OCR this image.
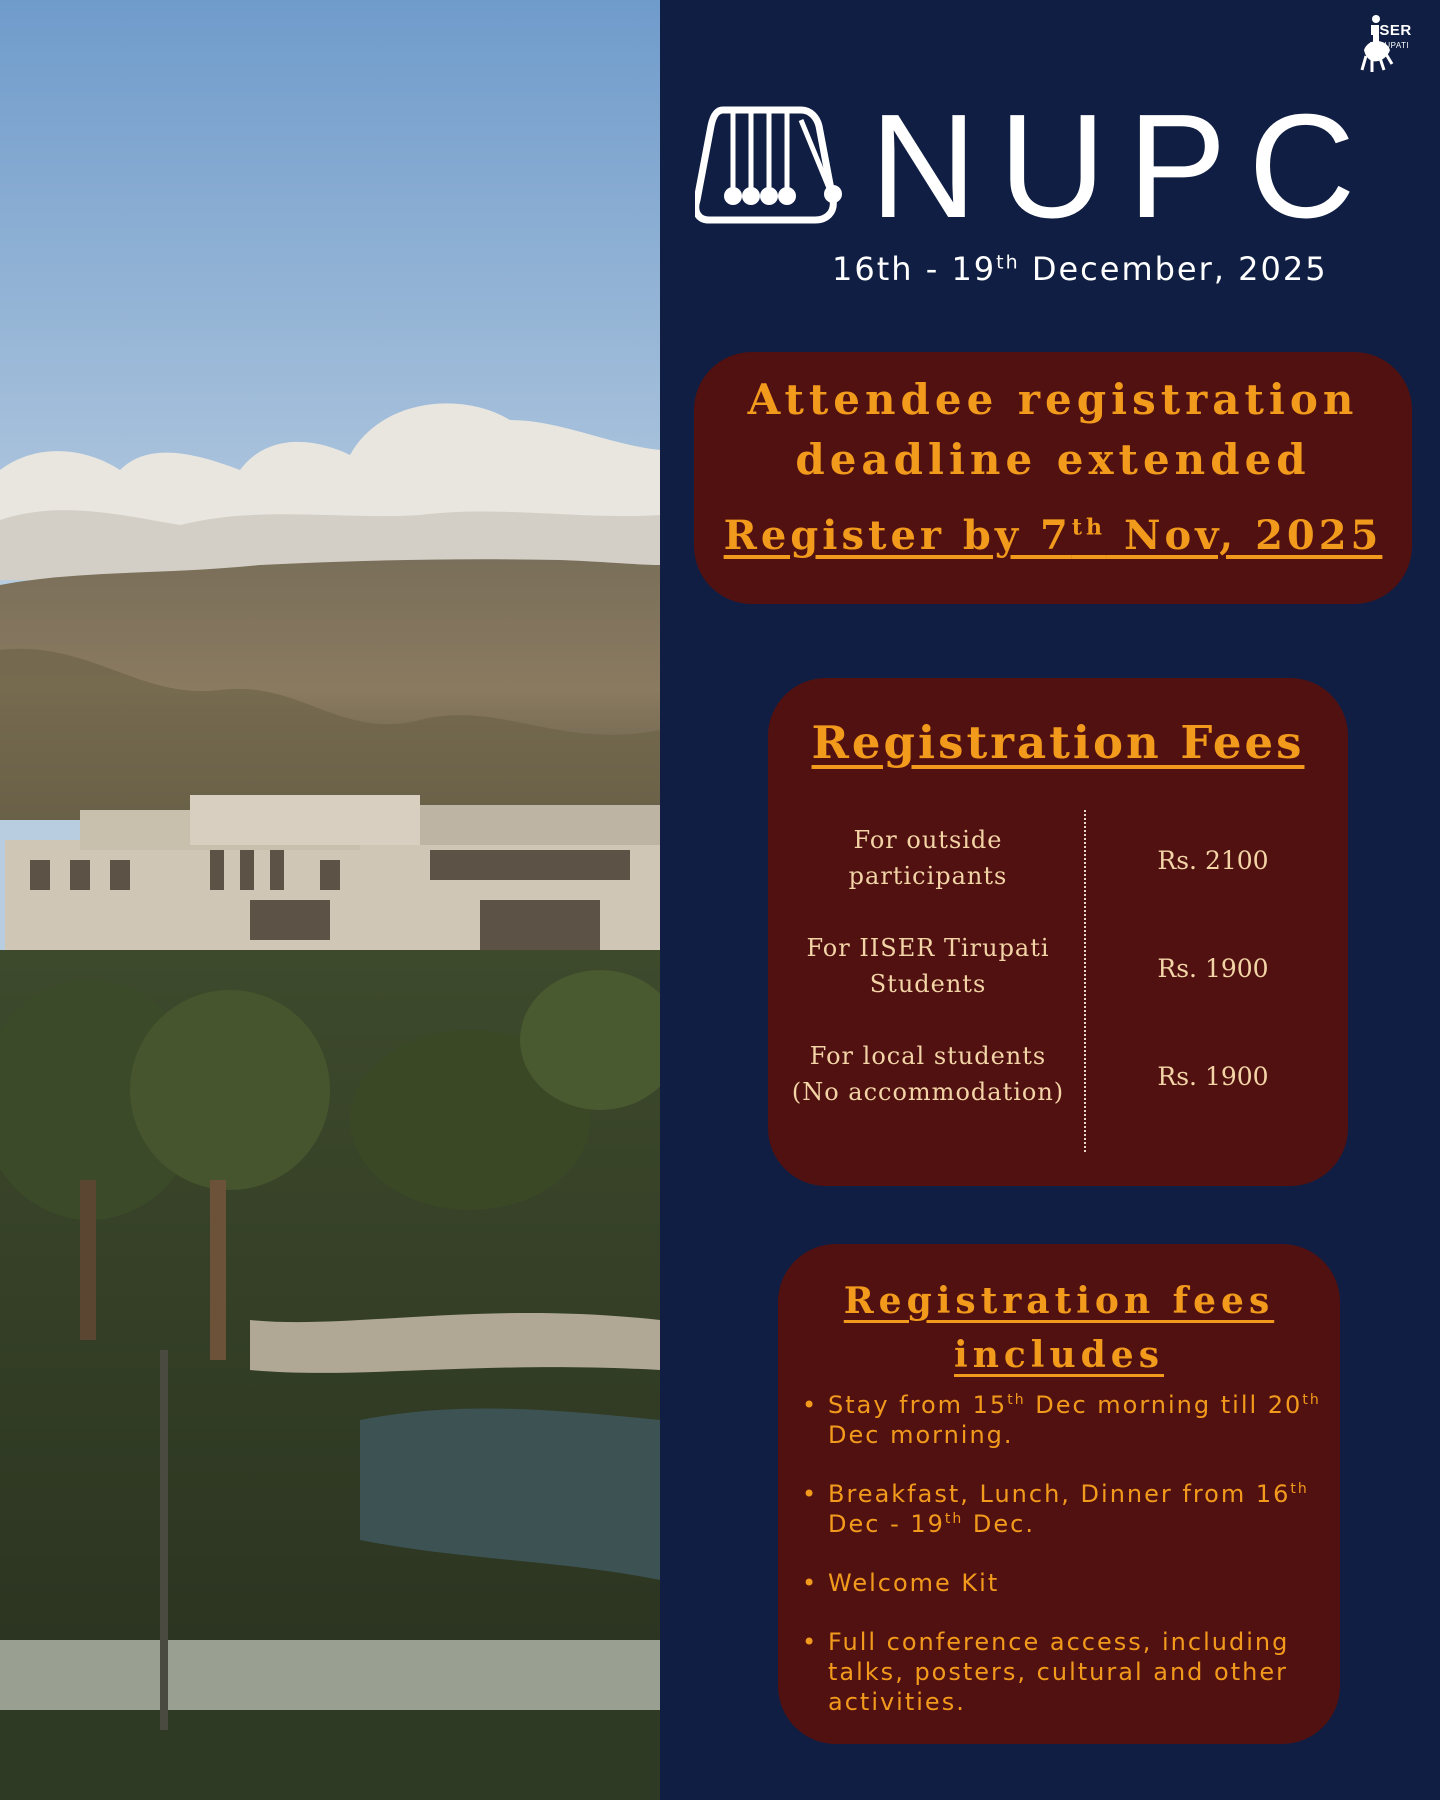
IISER
TIRUPATI
NUPC
16th - 19th December, 2025
Attendee registration
deadline extended
Register by 7th Nov, 2025
Registration Fees
For outside
participants
Rs. 2100
For IISER Tirupati
Students
Rs. 1900
For local students
(No accommodation)
Rs. 1900
Registration fees
includes
• Stay from 15th Dec morning till 20th Dec morning.
• Breakfast, Lunch, Dinner from 16th Dec - 19th Dec.
• Welcome Kit
• Full conference access, including talks, posters, cultural and other activities.
